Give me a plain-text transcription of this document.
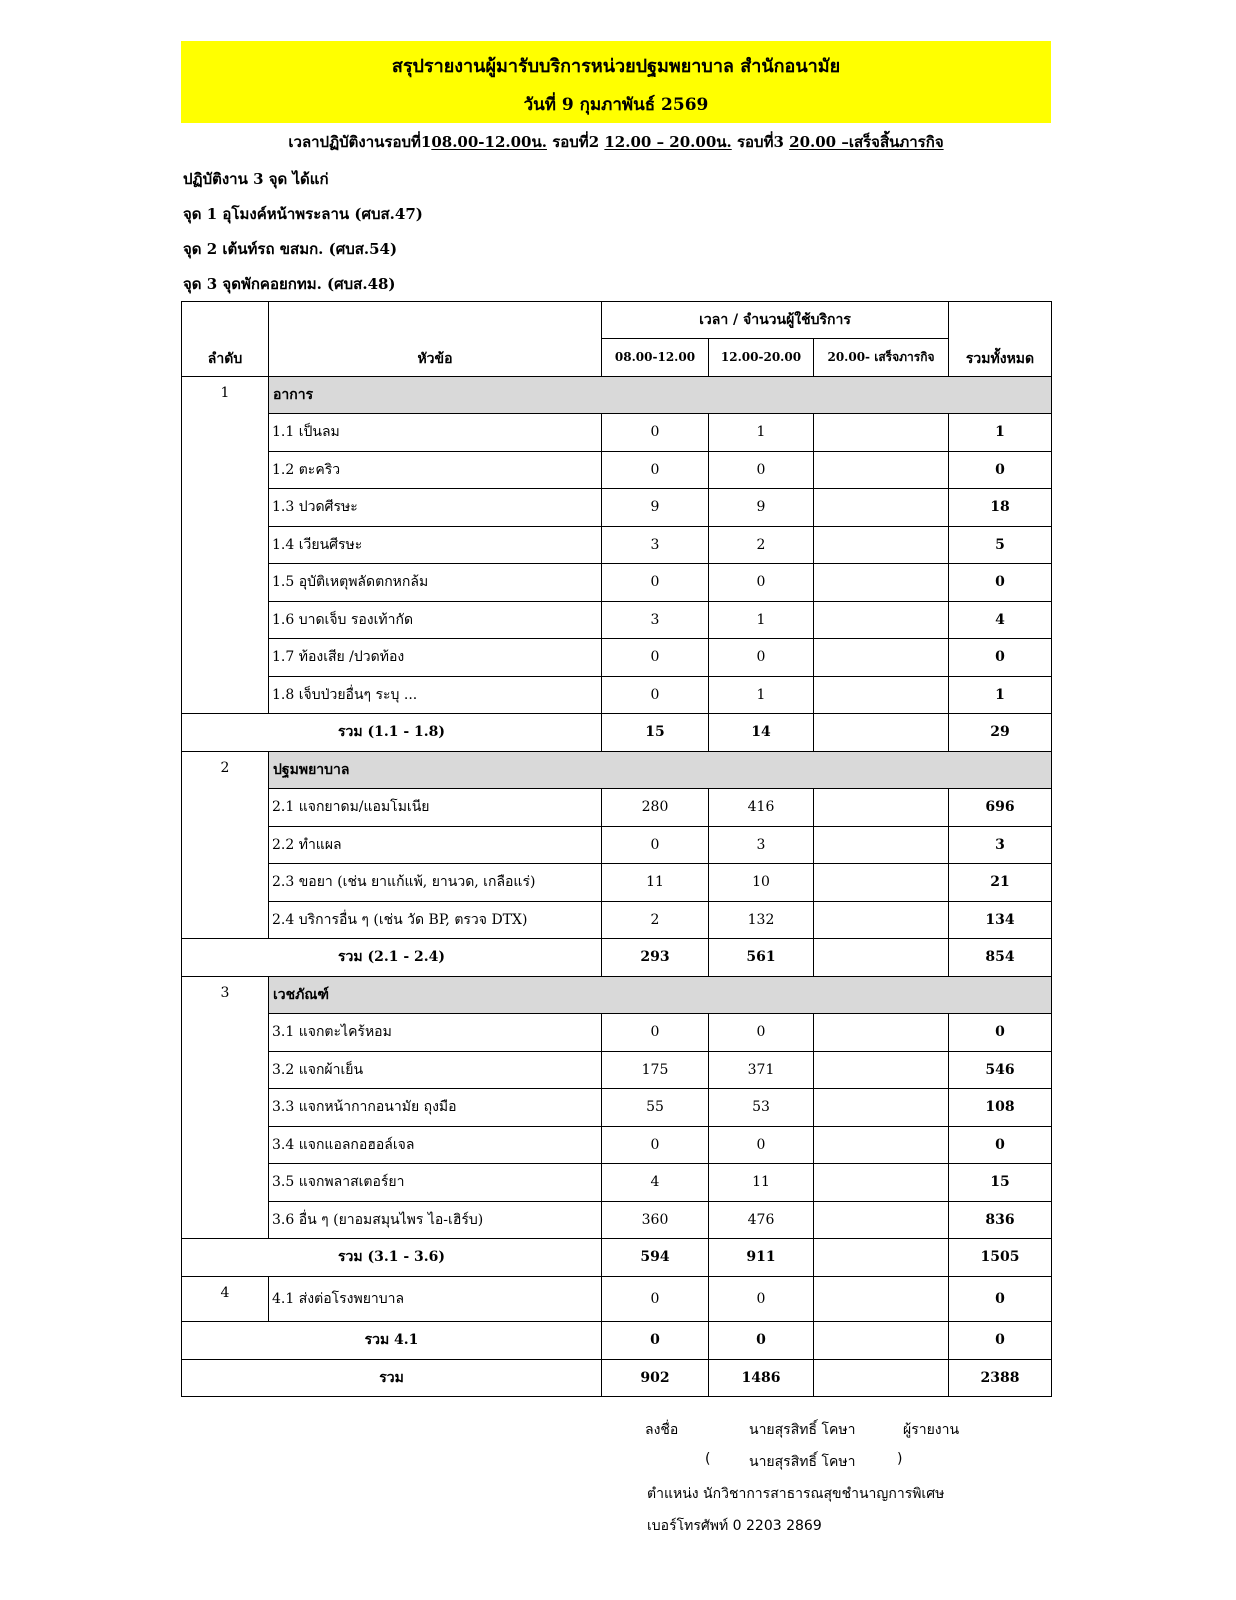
สรุปรายงานผู้มารับบริการหน่วยปฐมพยาบาล สำนักอนามัย
วันที่ 9 กุมภาพันธ์ 2569
เวลาปฏิบัติงานรอบที่108.00-12.00น. รอบที่2 12.00 – 20.00น. รอบที่3 20.00 –เสร็จสิ้นภารกิจ
ปฏิบัติงาน 3 จุด ได้แก่
จุด 1 อุโมงค์หน้าพระลาน (ศบส.47)
จุด 2 เต้นท์รถ ขสมก. (ศบส.54)
จุด 3 จุดพักคอยกทม. (ศบส.48)
ลำดับ	หัวข้อ	เวลา / จำนวนผู้ใช้บริการ			รวมทั้งหมด
		08.00-12.00	12.00-20.00	20.00- เสร็จภารกิจ	
1	อาการ				
	1.1 เป็นลม	0	1		1
	1.2 ตะคริว	0	0		0
	1.3 ปวดศีรษะ	9	9		18
	1.4 เวียนศีรษะ	3	2		5
	1.5 อุบัติเหตุพลัดตกหกล้ม	0	0		0
	1.6 บาดเจ็บ รองเท้ากัด	3	1		4
	1.7 ท้องเสีย /ปวดท้อง	0	0		0
	1.8 เจ็บป่วยอื่นๆ ระบุ ...	0	1		1
รวม (1.1 - 1.8)		15	14		29
2	ปฐมพยาบาล				
	2.1 แจกยาดม/แอมโมเนีย	280	416		696
	2.2 ทำแผล	0	3		3
	2.3 ขอยา (เช่น ยาแก้แพ้, ยานวด, เกลือแร่)	11	10		21
	2.4 บริการอื่น ๆ (เช่น วัด BP, ตรวจ DTX)	2	132		134
รวม (2.1 - 2.4)		293	561		854
3	เวชภัณฑ์				
	3.1 แจกตะไคร้หอม	0	0		0
	3.2 แจกผ้าเย็น	175	371		546
	3.3 แจกหน้ากากอนามัย ถุงมือ	55	53		108
	3.4 แจกแอลกอฮอล์เจล	0	0		0
	3.5 แจกพลาสเตอร์ยา	4	11		15
	3.6 อื่น ๆ (ยาอมสมุนไพร ไอ-เฮิร์บ)	360	476		836
รวม (3.1 - 3.6)		594	911		1505
4	4.1 ส่งต่อโรงพยาบาล	0	0		0
รวม 4.1		0	0		0
รวม		902	1486		2388
ลงชื่อ	นายสุรสิทธิ์ โคษา	ผู้รายงาน
(	นายสุรสิทธิ์ โคษา	)
ตำแหน่ง นักวิชาการสาธารณสุขชำนาญการพิเศษ
เบอร์โทรศัพท์ 0 2203 2869
